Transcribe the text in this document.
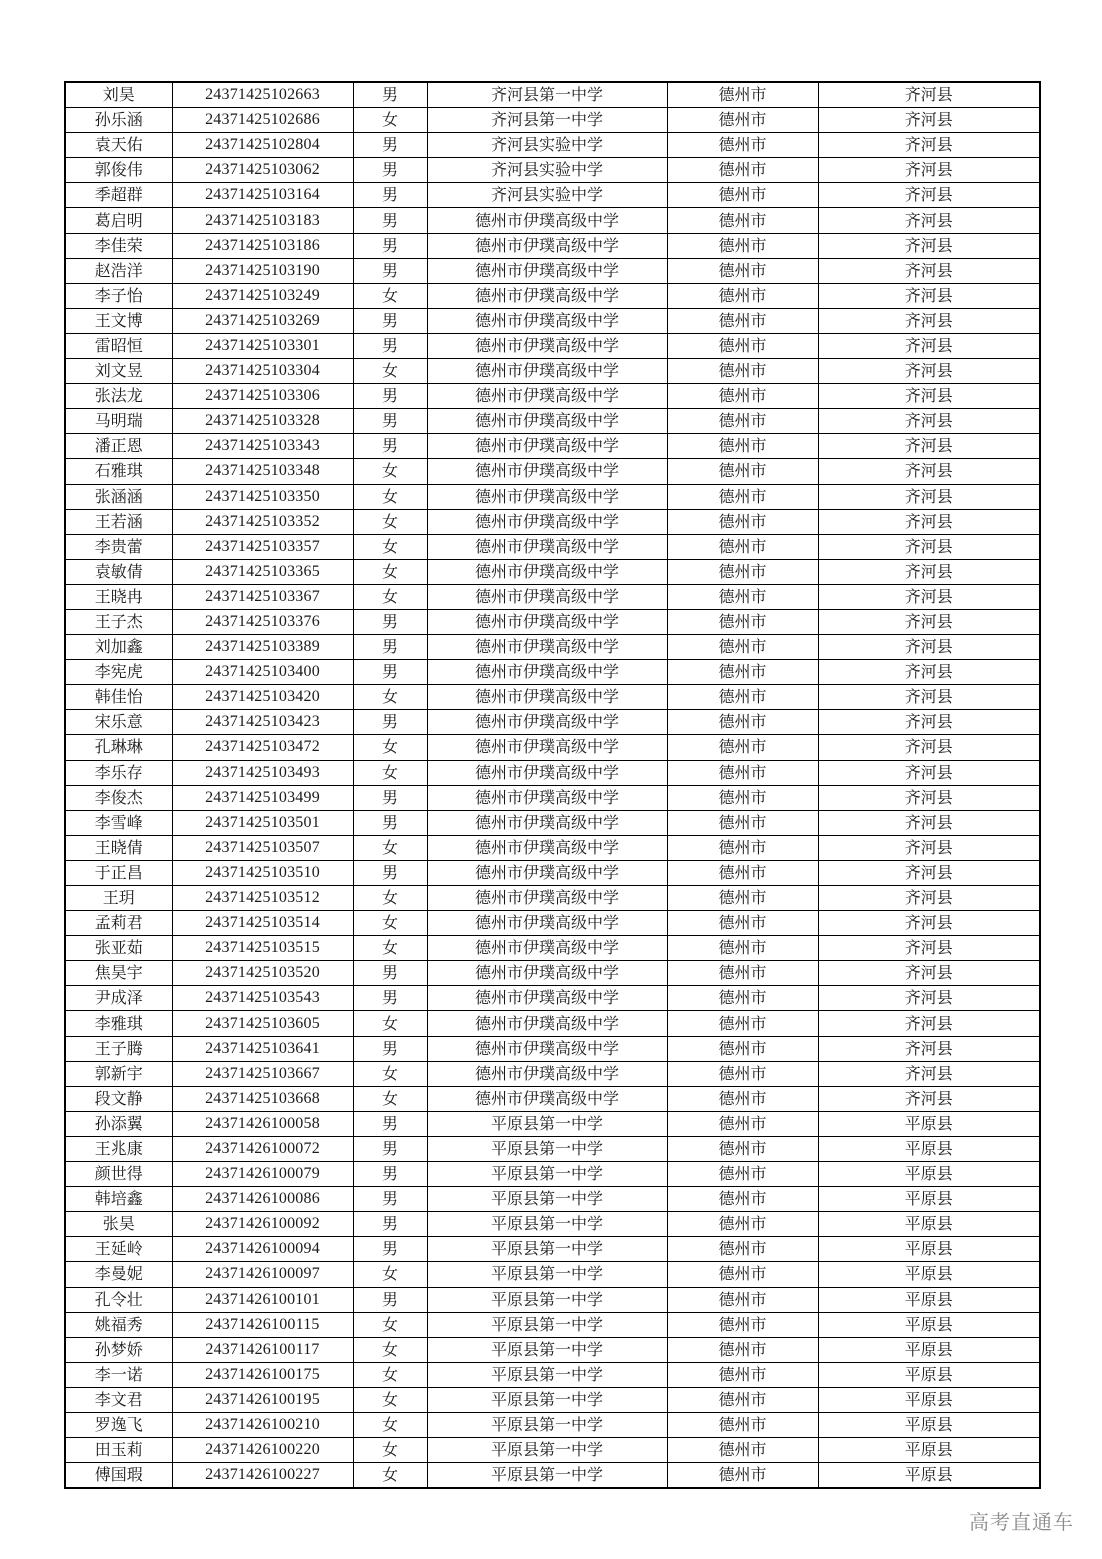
刘昊	24371425102663	男	齐河县第一中学	德州市	齐河县
孙乐涵	24371425102686	女	齐河县第一中学	德州市	齐河县
袁天佑	24371425102804	男	齐河县实验中学	德州市	齐河县
郭俊伟	24371425103062	男	齐河县实验中学	德州市	齐河县
季超群	24371425103164	男	齐河县实验中学	德州市	齐河县
葛启明	24371425103183	男	德州市伊璞高级中学	德州市	齐河县
李佳荣	24371425103186	男	德州市伊璞高级中学	德州市	齐河县
赵浩洋	24371425103190	男	德州市伊璞高级中学	德州市	齐河县
李子怡	24371425103249	女	德州市伊璞高级中学	德州市	齐河县
王文博	24371425103269	男	德州市伊璞高级中学	德州市	齐河县
雷昭恒	24371425103301	男	德州市伊璞高级中学	德州市	齐河县
刘文昱	24371425103304	女	德州市伊璞高级中学	德州市	齐河县
张法龙	24371425103306	男	德州市伊璞高级中学	德州市	齐河县
马明瑞	24371425103328	男	德州市伊璞高级中学	德州市	齐河县
潘正恩	24371425103343	男	德州市伊璞高级中学	德州市	齐河县
石雅琪	24371425103348	女	德州市伊璞高级中学	德州市	齐河县
张涵涵	24371425103350	女	德州市伊璞高级中学	德州市	齐河县
王若涵	24371425103352	女	德州市伊璞高级中学	德州市	齐河县
李贵蕾	24371425103357	女	德州市伊璞高级中学	德州市	齐河县
袁敏倩	24371425103365	女	德州市伊璞高级中学	德州市	齐河县
王晓冉	24371425103367	女	德州市伊璞高级中学	德州市	齐河县
王子杰	24371425103376	男	德州市伊璞高级中学	德州市	齐河县
刘加鑫	24371425103389	男	德州市伊璞高级中学	德州市	齐河县
李宪虎	24371425103400	男	德州市伊璞高级中学	德州市	齐河县
韩佳怡	24371425103420	女	德州市伊璞高级中学	德州市	齐河县
宋乐意	24371425103423	男	德州市伊璞高级中学	德州市	齐河县
孔琳琳	24371425103472	女	德州市伊璞高级中学	德州市	齐河县
李乐存	24371425103493	女	德州市伊璞高级中学	德州市	齐河县
李俊杰	24371425103499	男	德州市伊璞高级中学	德州市	齐河县
李雪峰	24371425103501	男	德州市伊璞高级中学	德州市	齐河县
王晓倩	24371425103507	女	德州市伊璞高级中学	德州市	齐河县
于正昌	24371425103510	男	德州市伊璞高级中学	德州市	齐河县
王玥	24371425103512	女	德州市伊璞高级中学	德州市	齐河县
孟莉君	24371425103514	女	德州市伊璞高级中学	德州市	齐河县
张亚茹	24371425103515	女	德州市伊璞高级中学	德州市	齐河县
焦昊宇	24371425103520	男	德州市伊璞高级中学	德州市	齐河县
尹成泽	24371425103543	男	德州市伊璞高级中学	德州市	齐河县
李雅琪	24371425103605	女	德州市伊璞高级中学	德州市	齐河县
王子腾	24371425103641	男	德州市伊璞高级中学	德州市	齐河县
郭新宇	24371425103667	女	德州市伊璞高级中学	德州市	齐河县
段文静	24371425103668	女	德州市伊璞高级中学	德州市	齐河县
孙添翼	24371426100058	男	平原县第一中学	德州市	平原县
王兆康	24371426100072	男	平原县第一中学	德州市	平原县
颜世得	24371426100079	男	平原县第一中学	德州市	平原县
韩培鑫	24371426100086	男	平原县第一中学	德州市	平原县
张昊	24371426100092	男	平原县第一中学	德州市	平原县
王延岭	24371426100094	男	平原县第一中学	德州市	平原县
李曼妮	24371426100097	女	平原县第一中学	德州市	平原县
孔令壮	24371426100101	男	平原县第一中学	德州市	平原县
姚福秀	24371426100115	女	平原县第一中学	德州市	平原县
孙梦娇	24371426100117	女	平原县第一中学	德州市	平原县
李一诺	24371426100175	女	平原县第一中学	德州市	平原县
李文君	24371426100195	女	平原县第一中学	德州市	平原县
罗逸飞	24371426100210	女	平原县第一中学	德州市	平原县
田玉莉	24371426100220	女	平原县第一中学	德州市	平原县
傅国瑕	24371426100227	女	平原县第一中学	德州市	平原县
高考直通车
